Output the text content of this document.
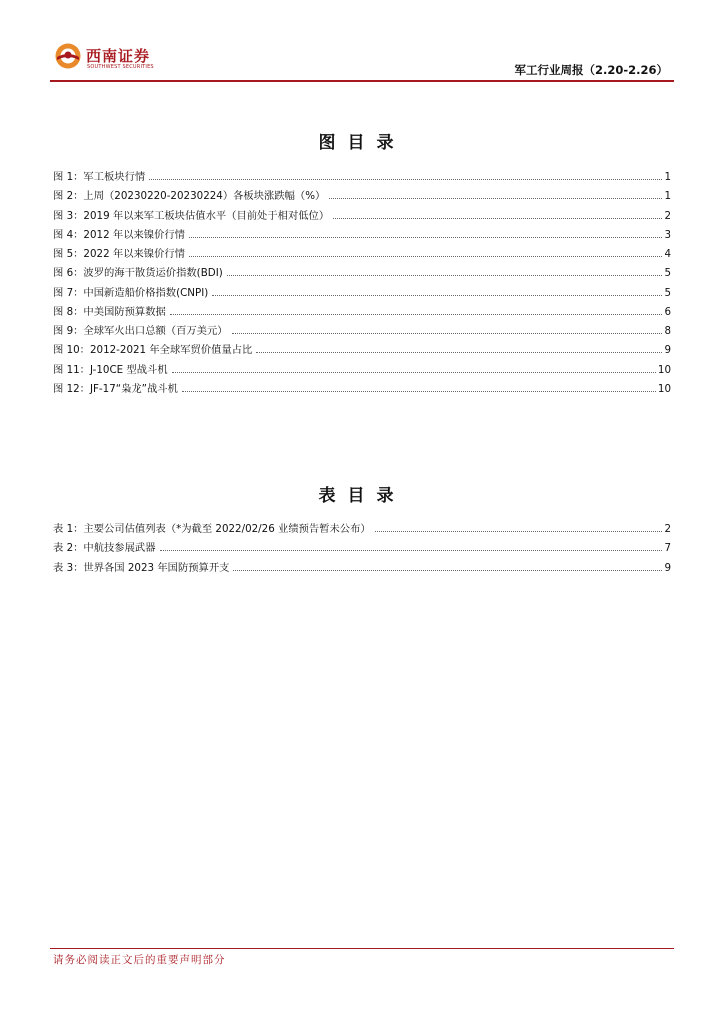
西南证券
SOUTHWEST SECURITIES	军工行业周报（2.20-2.26）
图目录
图 1：军工板块行情	1
图 2：上周（20230220-20230224）各板块涨跌幅（%）	1
图 3：2019 年以来军工板块估值水平（目前处于相对低位）	2
图 4：2012 年以来镍价行情	3
图 5：2022 年以来镍价行情	4
图 6：波罗的海干散货运价指数(BDI)	5
图 7：中国新造船价格指数(CNPI)	5
图 8：中美国防预算数据	6
图 9：全球军火出口总额（百万美元）	8
图 10：2012-2021 年全球军贸价值量占比	9
图 11：J-10CE 型战斗机	10
图 12：JF-17“枭龙”战斗机	10
表目录
表 1：主要公司估值列表（*为截至 2022/02/26 业绩预告暂未公布）	2
表 2：中航技参展武器	7
表 3：世界各国 2023 年国防预算开支	9
请务必阅读正文后的重要声明部分
